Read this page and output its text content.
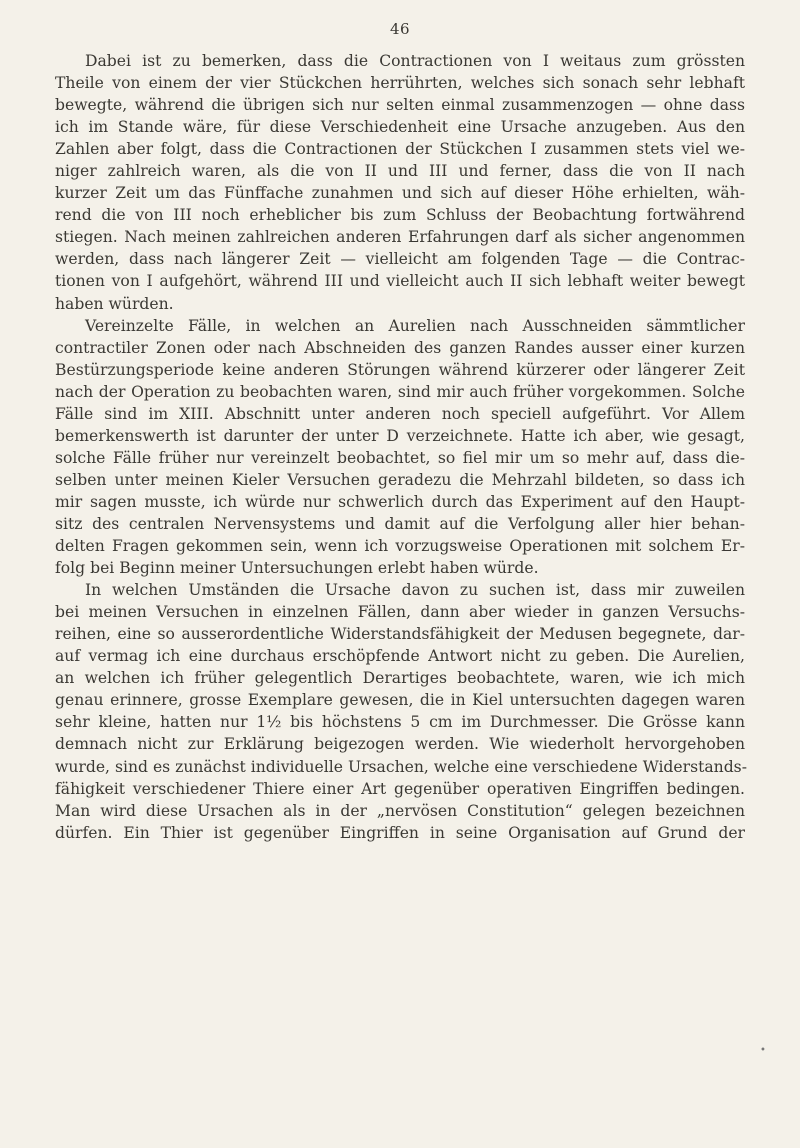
46
Dabei ist zu bemerken, dass die Contractionen von I weitaus zum grössten
Theile von einem der vier Stückchen herrührten, welches sich sonach sehr lebhaft
bewegte, während die übrigen sich nur selten einmal zusammenzogen — ohne dass
ich im Stande wäre, für diese Verschiedenheit eine Ursache anzugeben. Aus den
Zahlen aber folgt, dass die Contractionen der Stückchen I zusammen stets viel we-
niger zahlreich waren, als die von II und III und ferner, dass die von II nach
kurzer Zeit um das Fünffache zunahmen und sich auf dieser Höhe erhielten, wäh-
rend die von III noch erheblicher bis zum Schluss der Beobachtung fortwährend
stiegen. Nach meinen zahlreichen anderen Erfahrungen darf als sicher angenommen
werden, dass nach längerer Zeit — vielleicht am folgenden Tage — die Contrac-
tionen von I aufgehört, während III und vielleicht auch II sich lebhaft weiter bewegt
haben würden.
Vereinzelte Fälle, in welchen an Aurelien nach Ausschneiden sämmtlicher
contractiler Zonen oder nach Abschneiden des ganzen Randes ausser einer kurzen
Bestürzungsperiode keine anderen Störungen während kürzerer oder längerer Zeit
nach der Operation zu beobachten waren, sind mir auch früher vorgekommen. Solche
Fälle sind im XIII. Abschnitt unter anderen noch speciell aufgeführt. Vor Allem
bemerkenswerth ist darunter der unter D verzeichnete. Hatte ich aber, wie gesagt,
solche Fälle früher nur vereinzelt beobachtet, so fiel mir um so mehr auf, dass die-
selben unter meinen Kieler Versuchen geradezu die Mehrzahl bildeten, so dass ich
mir sagen musste, ich würde nur schwerlich durch das Experiment auf den Haupt-
sitz des centralen Nervensystems und damit auf die Verfolgung aller hier behan-
delten Fragen gekommen sein, wenn ich vorzugsweise Operationen mit solchem Er-
folg bei Beginn meiner Untersuchungen erlebt haben würde.
In welchen Umständen die Ursache davon zu suchen ist, dass mir zuweilen
bei meinen Versuchen in einzelnen Fällen, dann aber wieder in ganzen Versuchs-
reihen, eine so ausserordentliche Widerstandsfähigkeit der Medusen begegnete, dar-
auf vermag ich eine durchaus erschöpfende Antwort nicht zu geben. Die Aurelien,
an welchen ich früher gelegentlich Derartiges beobachtete, waren, wie ich mich
genau erinnere, grosse Exemplare gewesen, die in Kiel untersuchten dagegen waren
sehr kleine, hatten nur 1½ bis höchstens 5 cm im Durchmesser. Die Grösse kann
demnach nicht zur Erklärung beigezogen werden. Wie wiederholt hervorgehoben
wurde, sind es zunächst individuelle Ursachen, welche eine verschiedene Widerstands-
fähigkeit verschiedener Thiere einer Art gegenüber operativen Eingriffen bedingen.
Man wird diese Ursachen als in der „nervösen Constitution“ gelegen bezeichnen
dürfen. Ein Thier ist gegenüber Eingriffen in seine Organisation auf Grund der
•
